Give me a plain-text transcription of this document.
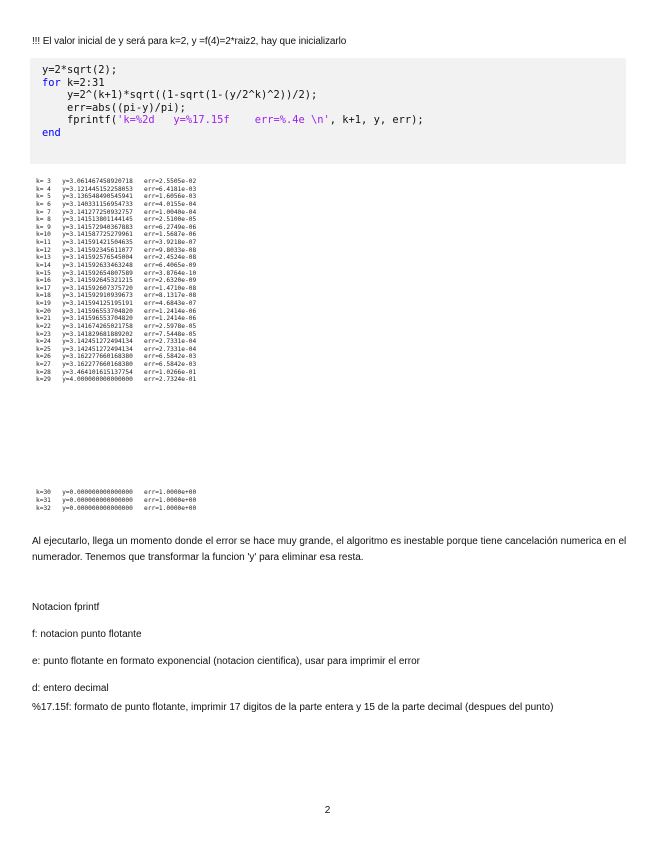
!!! El valor inicial de y será para k=2, y =f(4)=2*raiz2, hay que inicializarlo
y=2*sqrt(2);
for k=2:31
y=2^(k+1)*sqrt((1-sqrt(1-(y/2^k)^2))/2);
err=abs((pi-y)/pi);
fprintf('k=%2d   y=%17.15f    err=%.4e \n', k+1, y, err);
end
k= 3   y=3.061467458920718   err=2.5505e-02
k= 4   y=3.121445152258053   err=6.4181e-03
k= 5   y=3.136548490545941   err=1.6056e-03
k= 6   y=3.140331156954733   err=4.0155e-04
k= 7   y=3.141277250932757   err=1.0040e-04
k= 8   y=3.141513801144145   err=2.5100e-05
k= 9   y=3.141572940367883   err=6.2749e-06
k=10   y=3.141587725279961   err=1.5687e-06
k=11   y=3.141591421504635   err=3.9218e-07
k=12   y=3.141592345611077   err=9.8033e-08
k=13   y=3.141592576545004   err=2.4524e-08
k=14   y=3.141592633463248   err=6.4065e-09
k=15   y=3.141592654807589   err=3.8764e-10
k=16   y=3.141592645321215   err=2.6320e-09
k=17   y=3.141592607375720   err=1.4710e-08
k=18   y=3.141592910939673   err=8.1317e-08
k=19   y=3.141594125195191   err=4.6843e-07
k=20   y=3.141596553704820   err=1.2414e-06
k=21   y=3.141596553704820   err=1.2414e-06
k=22   y=3.141674265021758   err=2.5978e-05
k=23   y=3.141829681889202   err=7.5448e-05
k=24   y=3.142451272494134   err=2.7331e-04
k=25   y=3.142451272494134   err=2.7331e-04
k=26   y=3.162277660168380   err=6.5842e-03
k=27   y=3.162277660168380   err=6.5842e-03
k=28   y=3.464101615137754   err=1.0266e-01
k=29   y=4.000000000000000   err=2.7324e-01
k=30   y=0.000000000000000   err=1.0000e+00
k=31   y=0.000000000000000   err=1.0000e+00
k=32   y=0.000000000000000   err=1.0000e+00
Al ejecutarlo, llega un momento donde el error se hace muy grande, el algoritmo es inestable porque tiene cancelación numerica en el numerador. Tenemos que transformar la funcion 'y' para eliminar esa resta.
Notacion fprintf
f: notacion punto flotante
e: punto flotante en formato exponencial (notacion cientifica), usar para imprimir el error
d: entero decimal
%17.15f: formato de punto flotante, imprimir 17 digitos de la parte entera y 15 de la parte decimal (despues del punto)
2
